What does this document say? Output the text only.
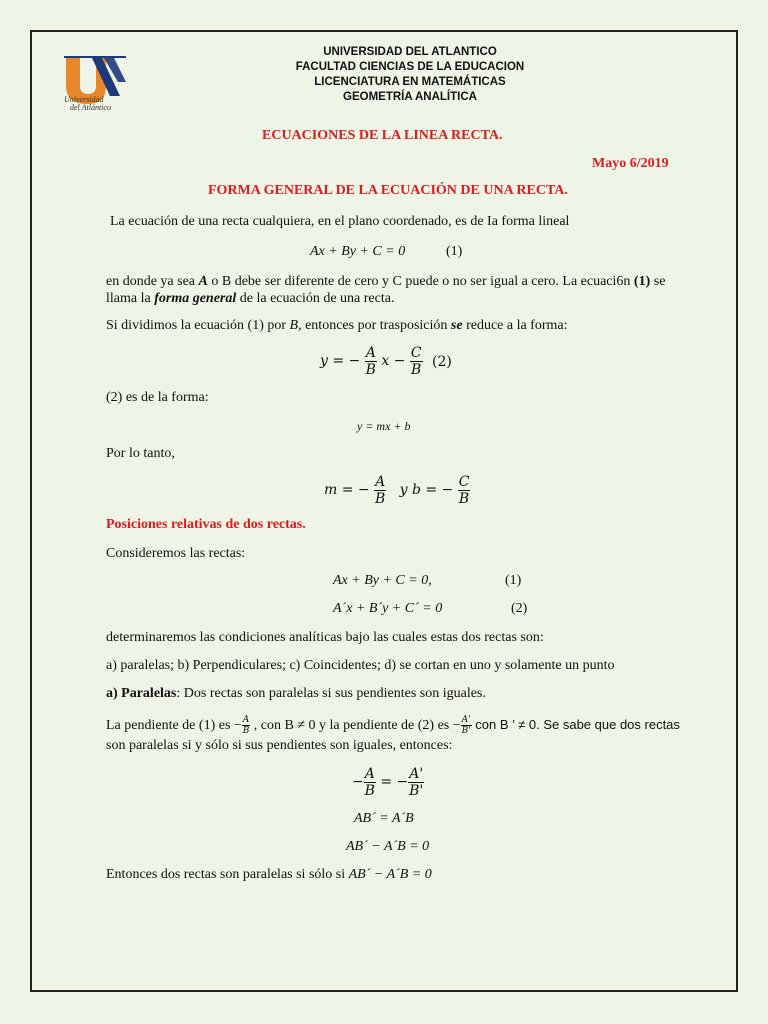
Universidad
del Atlántico
UNIVERSIDAD DEL ATLANTICO
FACULTAD CIENCIAS DE LA EDUCACION
LICENCIATURA EN MATEMÁTICAS
GEOMETRÍA ANALÍTICA
ECUACIONES DE LA LINEA RECTA.
Mayo 6/2019
FORMA GENERAL DE LA ECUACIÓN DE UNA RECTA.
La ecuación de una recta cualquiera, en el plano coordenado, es de Ia forma lineal
Ax + By + C = 0	(1)
en donde ya sea A o B debe ser diferente de cero y C puede o no ser igual a cero. La ecuaci6n (1) se
llama la forma general de la ecuación de una recta.
Si dividimos la ecuación (1) por B, entonces por trasposición se reduce a la forma:
y = − $\frac{A}{B}$ $x - \frac{C}{B} (2)$
(2) es de la forma:
y = mx + b
Por lo tanto,
m = − $\frac{A}{B}$ y b = − $\frac{C}{B}$
Posiciones relativas de dos rectas.
Consideremos las rectas:
Ax + By + C = 0,	(1)
A´x + B´y + C´ = 0	(2)
determinaremos las condiciones analíticas bajo las cuales estas dos rectas son:
a) paralelas; b) Perpendiculares; c) Coincidentes; d) se cortan en uno y solamente un punto
a) Paralelas: Dos rectas son paralelas si sus pendientes son iguales.
La pendiente de (1) es − $\frac{A}{B}$ , con B ≠ 0 y la pendiente de (2) es − $\frac{A'}{B'}$ con B ’ ≠ 0. Se sabe que dos rectas
son paralelas si y sólo si sus pendientes son iguales, entonces:
− $\frac{A}{B}$ = − $\frac{A'}{B'}$
AB´ = A´B
AB´ − A´B = 0
Entonces dos rectas son paralelas si sólo si AB´ − A´B = 0
